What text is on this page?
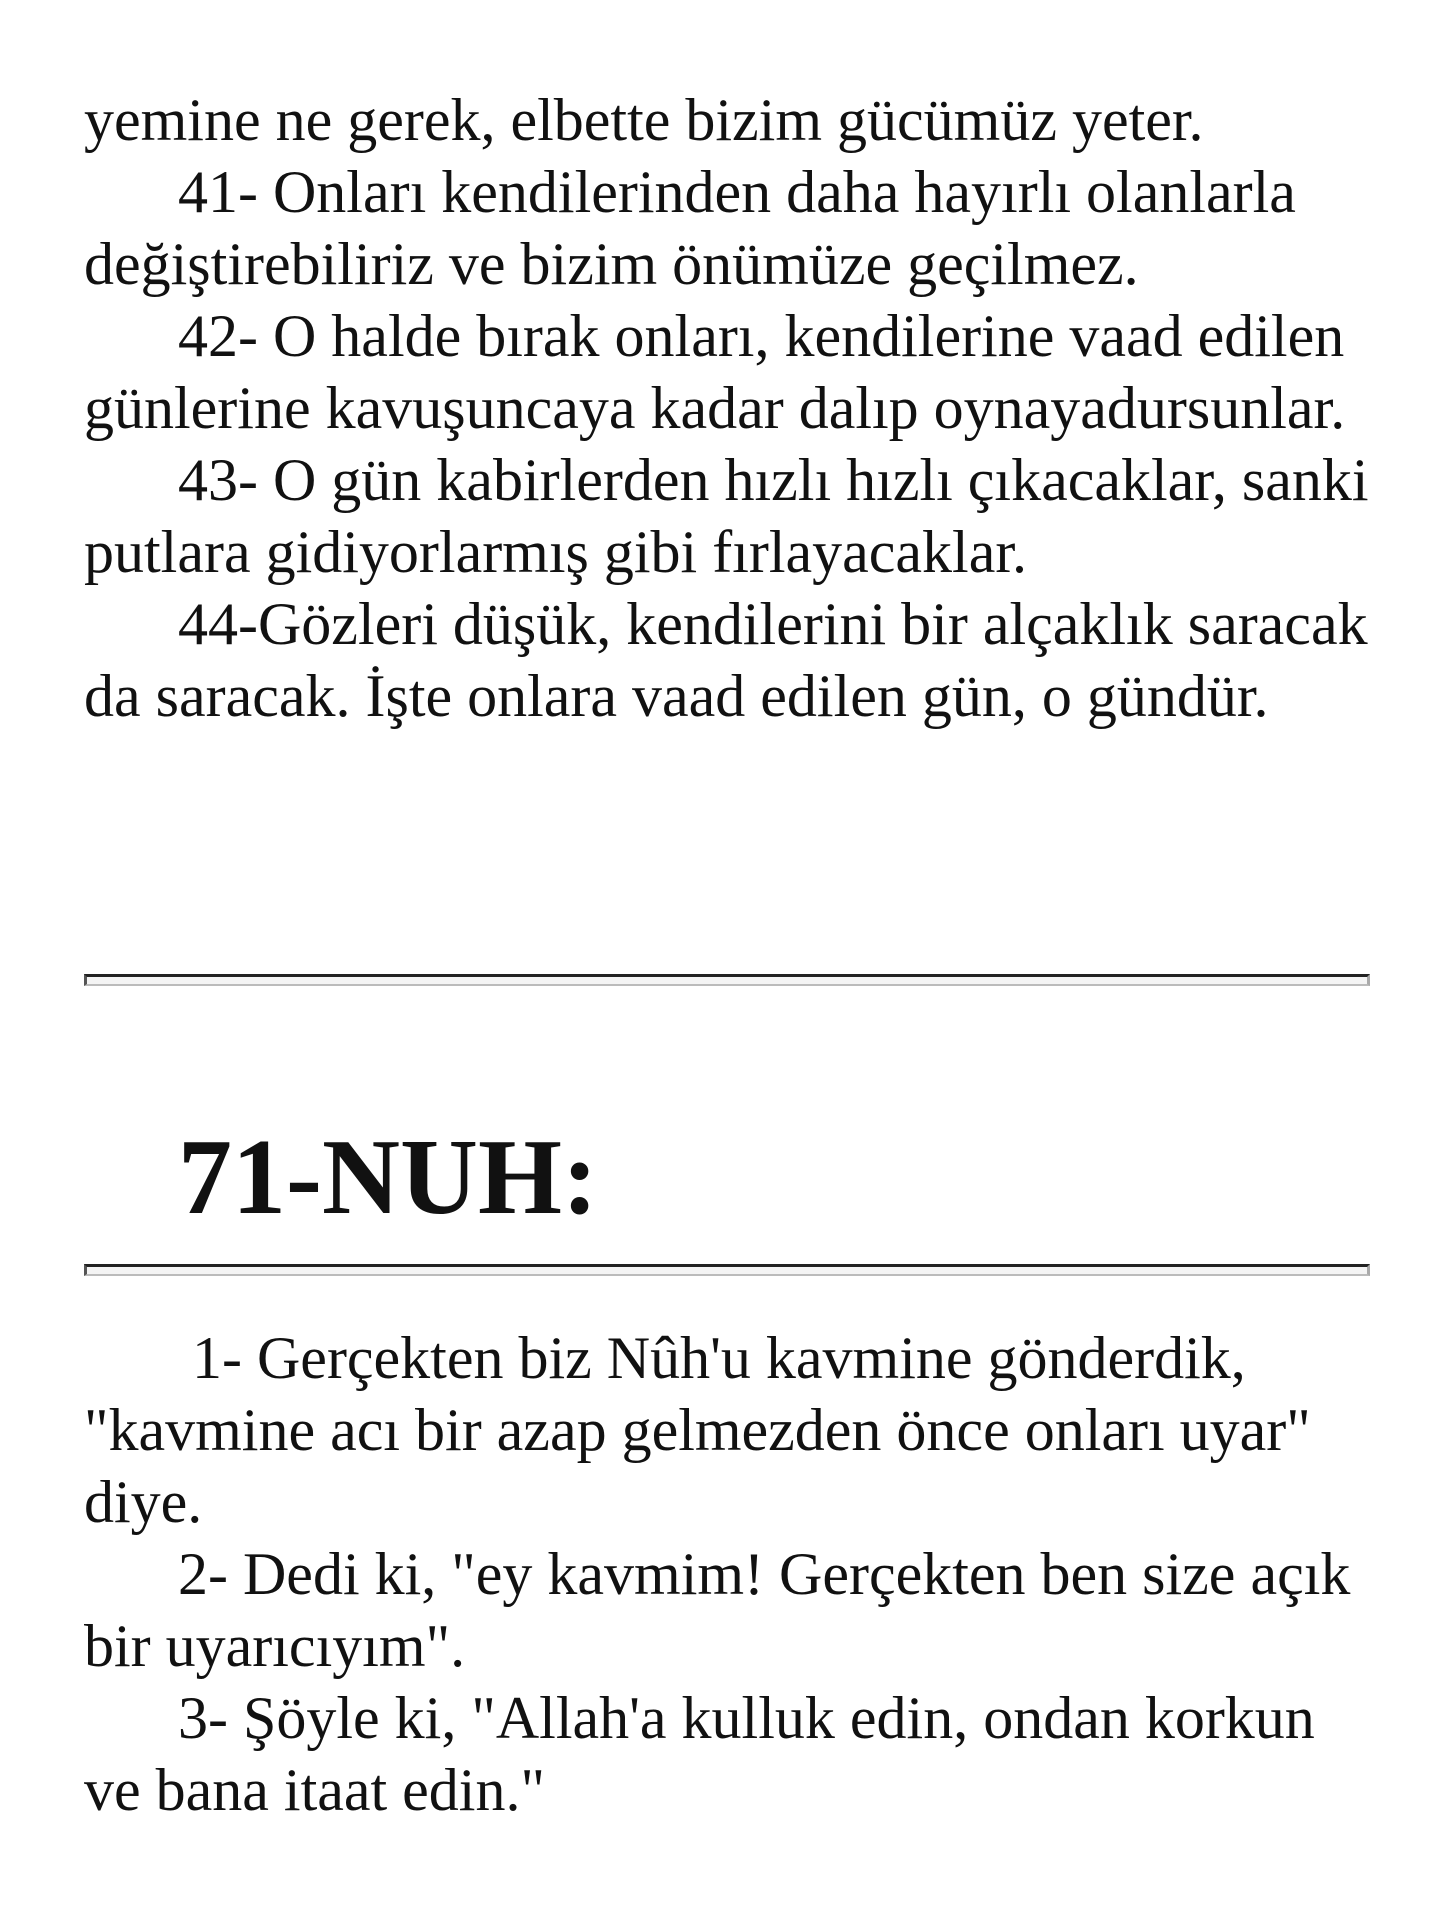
yemine ne gerek, elbette bizim gücümüz yeter.

41- Onları kendilerinden daha hayırlı olanlarla değiştirebiliriz ve bizim önümüze geçilmez.

42- O halde bırak onları, kendilerine vaad edilen günlerine kavuşuncaya kadar dalıp oynayadursunlar.

43- O gün kabirlerden hızlı hızlı çıkacaklar, sanki putlara gidiyorlarmış gibi fırlayacaklar.

44-Gözleri düşük, kendilerini bir alçaklık saracak da saracak. İşte onlara vaad edilen gün, o gündür.

71-NUH:

1- Gerçekten biz Nûh'u kavmine gönderdik, "kavmine acı bir azap gelmezden önce onları uyar" diye.

2- Dedi ki, "ey kavmim! Gerçekten ben size açık bir uyarıcıyım".

3- Şöyle ki, "Allah'a kulluk edin, ondan korkun ve bana itaat edin."
